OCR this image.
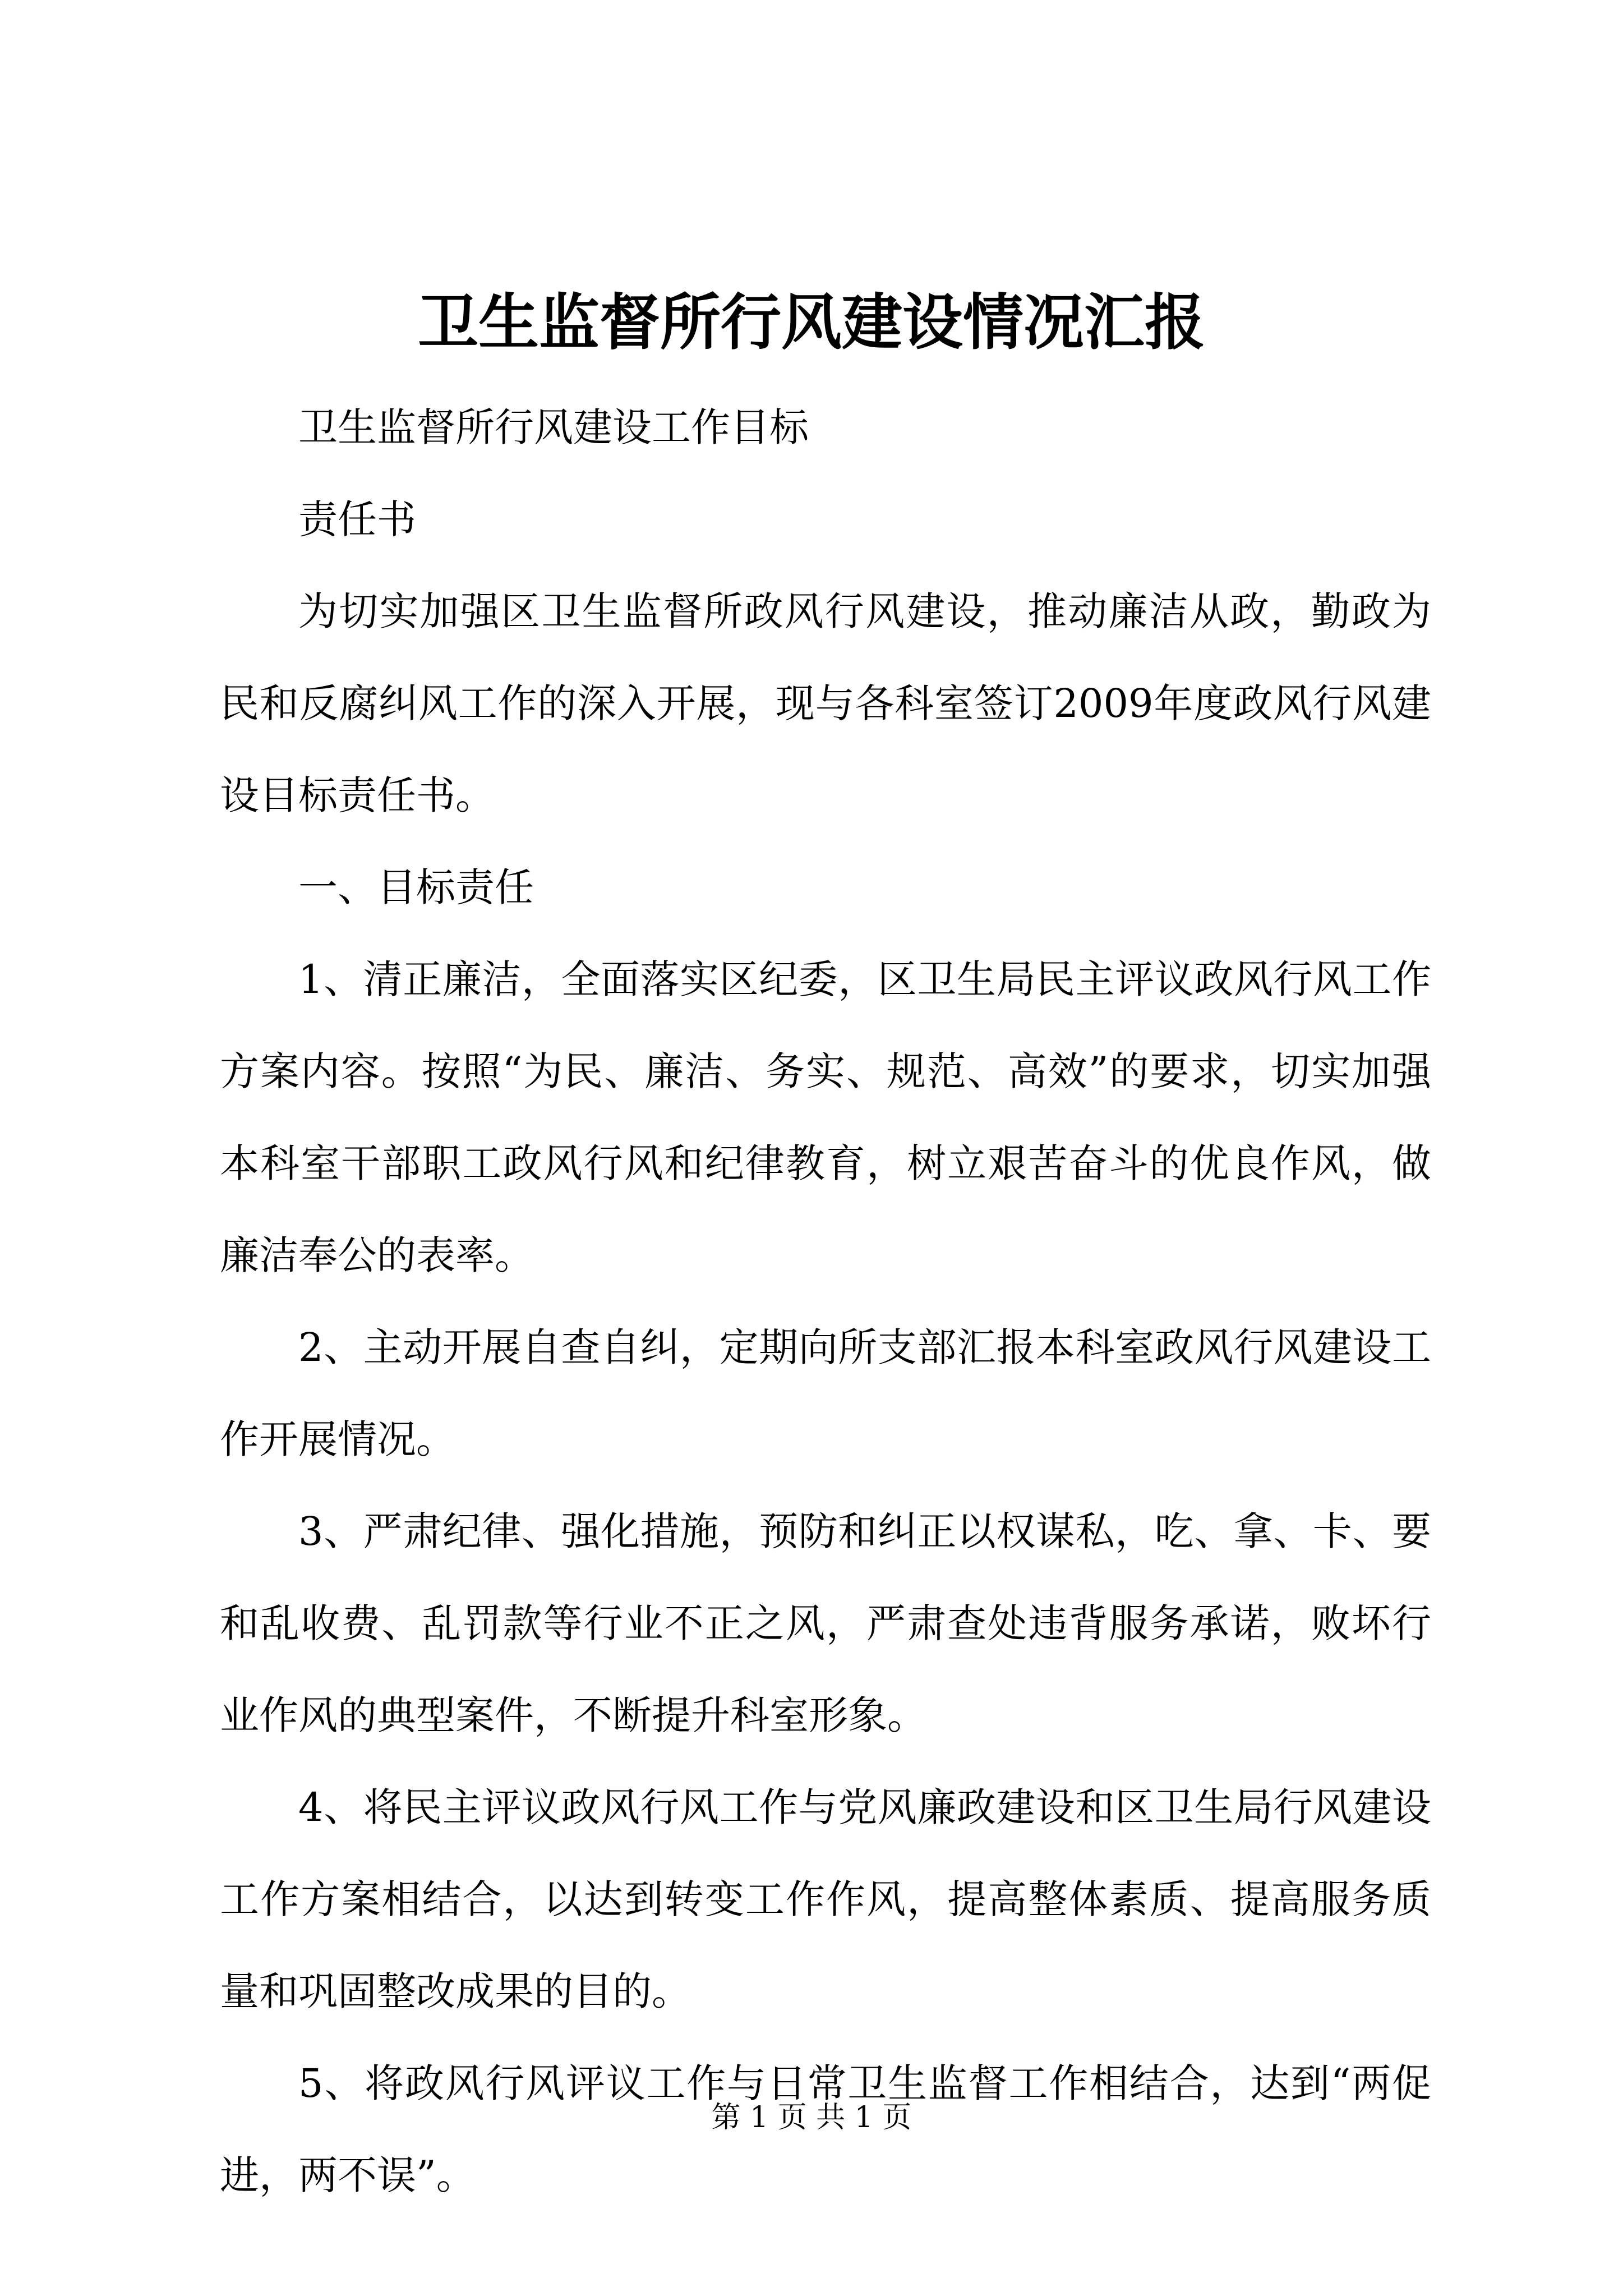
卫生监督所行风建设情况汇报

卫生监督所行风建设工作目标

责任书

为切实加强区卫生监督所政风行风建设，推动廉洁从政，勤政为民和反腐纠风工作的深入开展，现与各科室签订2009年度政风行风建设目标责任书。

一、目标责任

1、清正廉洁，全面落实区纪委，区卫生局民主评议政风行风工作方案内容。按照“为民、廉洁、务实、规范、高效”的要求，切实加强本科室干部职工政风行风和纪律教育，树立艰苦奋斗的优良作风，做廉洁奉公的表率。

2、主动开展自查自纠，定期向所支部汇报本科室政风行风建设工作开展情况。

3、严肃纪律、强化措施，预防和纠正以权谋私，吃、拿、卡、要和乱收费、乱罚款等行业不正之风，严肃查处违背服务承诺，败坏行业作风的典型案件，不断提升科室形象。

4、将民主评议政风行风工作与党风廉政建设和区卫生局行风建设工作方案相结合，以达到转变工作作风，提高整体素质、提高服务质量和巩固整改成果的目的。

5、将政风行风评议工作与日常卫生监督工作相结合，达到“两促进，两不误”。

第 1 页 共 1 页
